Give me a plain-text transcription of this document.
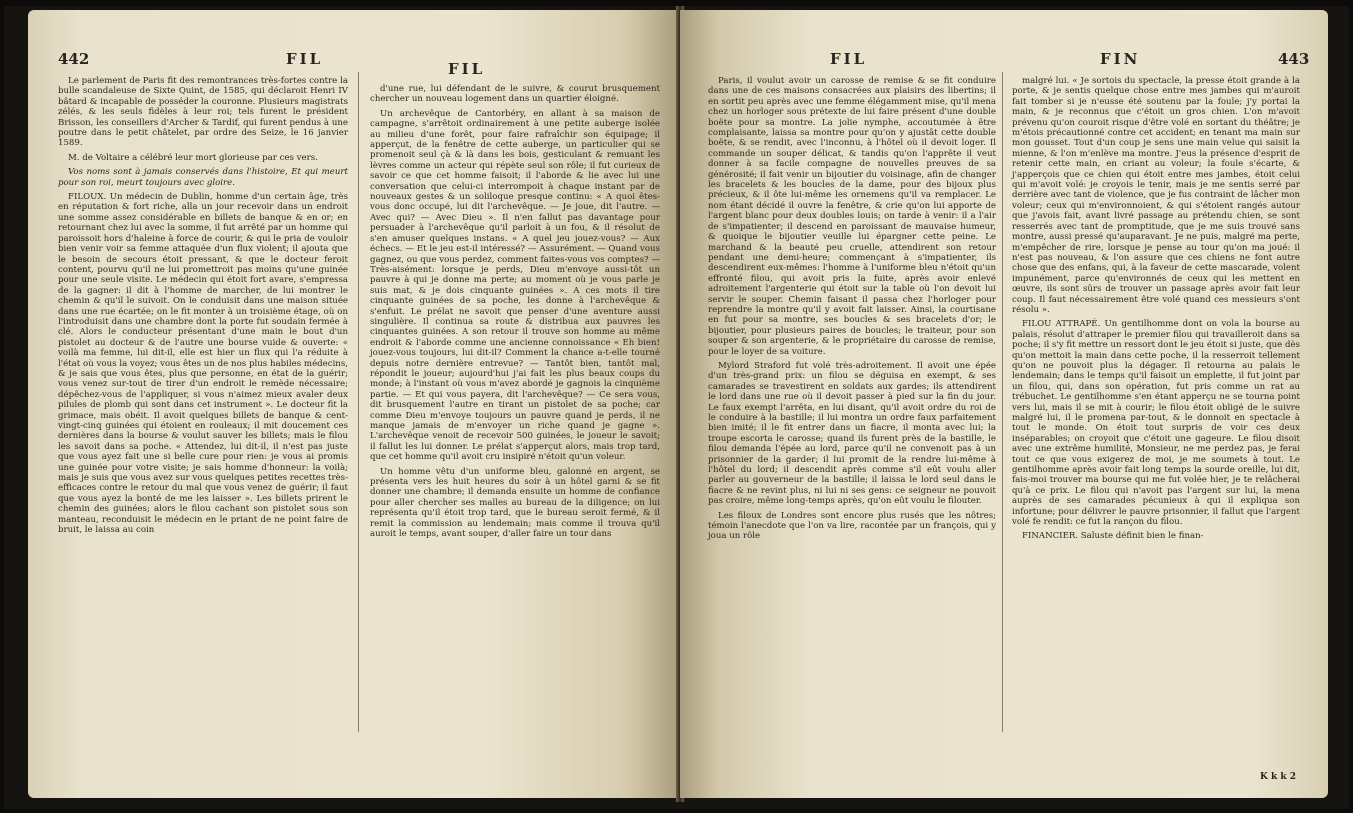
442	FIL
FIL

Le parlement de Paris fit des remontrances très-fortes contre la bulle scandaleuse de Sixte Quint, de 1585, qui déclaroit Henri IV bâtard & incapable de posséder la couronne. Plusieurs magistrats zélés, & les seuls fidèles à leur roi; tels furent le président Brisson, les conseillers d'Archer & Tardif, qui furent pendus à une poutre dans le petit châtelet, par ordre des Seize, le 16 janvier 1589.

M. de Voltaire a célébré leur mort glorieuse par ces vers.

Vos noms sont à jamais conservés dans l'histoire, Et qui meurt pour son roi, meurt toujours avec gloire.

FILOUX. Un médecin de Dublin, homme d'un certain âge, très en réputation & fort riche, alla un jour recevoir dans un endroit une somme assez considérable en billets de banque & en or; en retournant chez lui avec la somme, il fut arrêté par un homme qui paroissoit hors d'haleine à force de courir, & qui le pria de vouloir bien venir voir sa femme attaquée d'un flux violent; il ajouta que le besoin de secours étoit pressant, & que le docteur feroit content, pourvu qu'il ne lui promettroit pas moins qu'une guinée pour une seule visite. Le médecin qui étoit fort avare, s'empressa de la gagner: il dit à l'homme de marcher, de lui montrer le chemin & qu'il le suivoit. On le conduisit dans une maison située dans une rue écartée; on le fit monter à un troisième étage, où on l'introduisit dans une chambre dont la porte fut soudain fermée à clé. Alors le conducteur présentant d'une main le bout d'un pistolet au docteur & de l'autre une bourse vuide & ouverte: « voilà ma femme, lui dit-il, elle est hier un flux qui l'a réduite à l'état où vous la voyez; vous êtes un de nos plus habiles médecins, & je sais que vous êtes, plus que personne, en état de la guérir; vous venez sur-tout de tirer d'un endroit le remède nécessaire; dépêchez-vous de l'appliquer, si vous n'aimez mieux avaler deux pilules de plomb qui sont dans cet instrument ». Le docteur fit la grimace, mais obéit. Il avoit quelques billets de banque & cent-vingt-cinq guinées qui étoient en rouleaux; il mit doucement ces dernières dans la bourse & voulut sauver les billets; mais le filou les savoit dans sa poche. « Attendez, lui dit-il, il n'est pas juste que vous ayez fait une si belle cure pour rien: je vous ai promis une guinée pour votre visite; je sais homme d'honneur: la voilà; mais je suis que vous avez sur vous quelques petites recettes très-efficaces contre le retour du mal que vous venez de guérir; il faut que vous ayez la bonté de me les laisser ». Les billets prirent le chemin des guinées; alors le filou cachant son pistolet sous son manteau, reconduisit le médecin en le priant de ne point faire de bruit, le laissa au coin

d'une rue, lui défendant de le suivre, & courut brusquement chercher un nouveau logement dans un quartier éloigné.

Un archevêque de Cantorbéry, en allant à sa maison de campagne, s'arrêtoit ordinairement à une petite auberge isolée au milieu d'une forêt, pour faire rafraîchir son équipage; il apperçut, de la fenêtre de cette auberge, un particulier qui se promenoit seul çà & là dans les bois, gesticulant & remuant les lèvres comme un acteur qui répète seul son rôle; il fut curieux de savoir ce que cet homme faisoit; il l'aborde & lie avec lui une conversation que celui-ci interrompoit à chaque instant par de nouveaux gestes & un soliloque presque continu: « A quoi êtes-vous donc occupé, lui dit l'archevêque. — Je joue, dit l'autre. — Avec qui? — Avec Dieu ». Il n'en fallut pas davantage pour persuader à l'archevêque qu'il parloit à un fou, & il résolut de s'en amuser quelques instans. « A quel jeu jouez-vous? — Aux échecs. — Et le jeu est-il intéressé? — Assurément. — Quand vous gagnez, ou que vous perdez, comment faites-vous vos comptes? — Très-aisément: lorsque je perds, Dieu m'envoye aussi-tôt un pauvre à qui je donne ma perte; au moment où je vous parle je suis mat, & je dois cinquante guinées ». A ces mots il tire cinquante guinées de sa poche, les donne à l'archevêque & s'enfuit. Le prélat ne savoit que penser d'une aventure aussi singulière. Il continua sa route & distribua aux pauvres les cinquantes guinées. A son retour il trouve son homme au même endroit & l'aborde comme une ancienne connoissance « Eh bien! jouez-vous toujours, lui dit-il? Comment la chance a-t-elle tourné depuis notre dernière entrevue? — Tantôt bien, tantôt mal, répondit le joueur; aujourd'hui j'ai fait les plus beaux coups du monde; à l'instant où vous m'avez abordé je gagnois la cinquième partie. — Et qui vous payera, dit l'archevêque? — Ce sera vous, dit brusquement l'autre en tirant un pistolet de sa poche; car comme Dieu m'envoye toujours un pauvre quand je perds, il ne manque jamais de m'envoyer un riche quand je gagne ». L'archevêque venoit de recevoir 500 guinées, le joueur le savoit; il fallut les lui donner. Le prélat s'apperçut alors, mais trop tard, que cet homme qu'il avoit cru insipiré n'étoit qu'un voleur.

Un homme vêtu d'un uniforme bleu, galonné en argent, se présenta vers les huit heures du soir à un hôtel garni & se fit donner une chambre; il demanda ensuite un homme de confiance pour aller chercher ses malles au bureau de la diligence; on lui représenta qu'il étoit trop tard, que le bureau seroit fermé, & il remit la commission au lendemain; mais comme il trouva qu'il auroit le temps, avant souper, d'aller faire un tour dans

FIL	FIN	443

Paris, il voulut avoir un carosse de remise & se fit conduire dans une de ces maisons consacrées aux plaisirs des libertins; il en sortit peu après avec une femme élégamment mise, qu'il mena chez un horloger sous prétexte de lui faire présent d'une double boëte pour sa montre. La jolie nymphe, accoutumée à être complaisante, laissa sa montre pour qu'on y ajustât cette double boëte, & se rendit, avec l'inconnu, à l'hôtel où il devoit loger. Il commande un souper délicat, & tandis qu'on l'apprête il veut donner à sa facile compagne de nouvelles preuves de sa générosité; il fait venir un bijoutier du voisinage, afin de changer les bracelets & les boucles de la dame, pour des bijoux plus précieux, & il ôte lui-même les ornemens qu'il va remplacer. Le nom étant décidé il ouvre la fenêtre, & crie qu'on lui apporte de l'argent blanc pour deux doubles louis; on tarde à venir: il a l'air de s'impatienter; il descend en paroissant de mauvaise humeur, & quoique le bijoutier veuille lui épargner cette peine. Le marchand & la beauté peu cruelle, attendirent son retour pendant une demi-heure; commençant à s'impatienter, ils descendirent eux-mêmes: l'homme à l'uniforme bleu n'étoit qu'un effronté filou, qui avoit pris la fuite, après avoir enlevé adroitement l'argenterie qui étoit sur la table où l'on devoit lui servir le souper. Chemin faisant il passa chez l'horloger pour reprendre la montre qu'il y avoit fait laisser. Ainsi, la courtisane en fut pour sa montre, ses boucles & ses bracelets d'or; le bijoutier, pour plusieurs paires de boucles; le traiteur, pour son souper & son argenterie, & le propriétaire du carosse de remise, pour le loyer de sa voiture.

Mylord Straford fut volé très-adroitement. Il avoit une épée d'un très-grand prix: un filou se déguisa en exempt, & ses camarades se travestirent en soldats aux gardes; ils attendirent le lord dans une rue où il devoit passer à pied sur la fin du jour. Le faux exempt l'arrêta, en lui disant, qu'il avoit ordre du roi de le conduire à la bastille; il lui montra un ordre faux parfaitement bien imité; il le fit entrer dans un fiacre, il monta avec lui; la troupe escorta le carosse; quand ils furent près de la bastille, le filou demanda l'épée au lord, parce qu'il ne convenoit pas à un prisonnier de la garder; il lui promit de la rendre lui-même à l'hôtel du lord; il descendit après comme s'il eût voulu aller parler au gouverneur de la bastille; il laissa le lord seul dans le fiacre & ne revint plus, ni lui ni ses gens: ce seigneur ne pouvoit pas croire, même long-temps après, qu'on eût voulu le filouter.

Les filoux de Londres sont encore plus rusés que les nôtres; témoin l'anecdote que l'on va lire, racontée par un françois, qui y joua un rôle

malgré lui. « Je sortois du spectacle, la presse étoit grande à la porte, & je sentis quelque chose entre mes jambes qui m'auroit fait tomber si je n'eusse été soutenu par la foule; j'y portai la main, & je reconnus que c'étoit un gros chien. L'on m'avoit prévenu qu'on couroit risque d'être volé en sortant du théâtre; je m'étois précautionné contre cet accident; en tenant ma main sur mon gousset. Tout d'un coup je sens une main velue qui saisit la mienne, & l'on m'enlève ma montre. J'eus la présence d'esprit de retenir cette main, en criant au voleur; la foule s'écarte, & j'apperçois que ce chien qui étoit entre mes jambes, étoit celui qui m'avoit volé: je croyois le tenir, mais je me sentis serré par derrière avec tant de violence, que je fus contraint de lâcher mon voleur; ceux qui m'environnoient, & qui s'étoient rangés autour que j'avois fait, avant livré passage au prétendu chien, se sont resserrés avec tant de promptitude, que je me suis trouvé sans montre, aussi pressé qu'auparavant. Je ne puis, malgré ma perte, m'empêcher de rire, lorsque je pense au tour qu'on ma joué: il n'est pas nouveau, & l'on assure que ces chiens ne font autre chose que des enfans, qui, à la faveur de cette mascarade, volent impunément, parce qu'environnés de ceux qui les mettent en œuvre, ils sont sûrs de trouver un passage après avoir fait leur coup. Il faut nécessairement être volé quand ces messieurs s'ont résolu ».

FILOU ATTRAPÉ. Un gentilhomme dont on vola la bourse au palais, résolut d'attraper le premier filou qui travailleroit dans sa poche; il s'y fit mettre un ressort dont le jeu étoit si juste, que dès qu'on mettoit la main dans cette poche, il la resserroit tellement qu'on ne pouvoit plus la dégager. Il retourna au palais le lendemain; dans le temps qu'il faisoit un emplette, il fut joint par un filou, qui, dans son opération, fut pris comme un rat au trébuchet. Le gentilhomme s'en étant apperçu ne se tourna point vers lui, mais il se mit à courir; le filou étoit obligé de le suivre malgré lui, il le promena par-tout, & le donnoit en spectacle à tout le monde. On étoit tout surpris de voir ces deux inséparables; on croyoit que c'étoit une gageure. Le filou disoit avec une extrême humilité, Monsieur, ne me perdez pas, je ferai tout ce que vous exigerez de moi, je me soumets à tout. Le gentilhomme après avoir fait long temps la sourde oreille, lui dit, fais-moi trouver ma bourse qui me fut volée hier, je te relâcherai qu'à ce prix. Le filou qui n'avoit pas l'argent sur lui, la mena auprès de ses camarades pécunieux à qui il expliqua son infortune; pour délivrer le pauvre prisonnier, il fallut que l'argent volé fe rendit: ce fut la rançon du filou.

FINANCIER. Saluste définit bien le finan-

K k k 2
